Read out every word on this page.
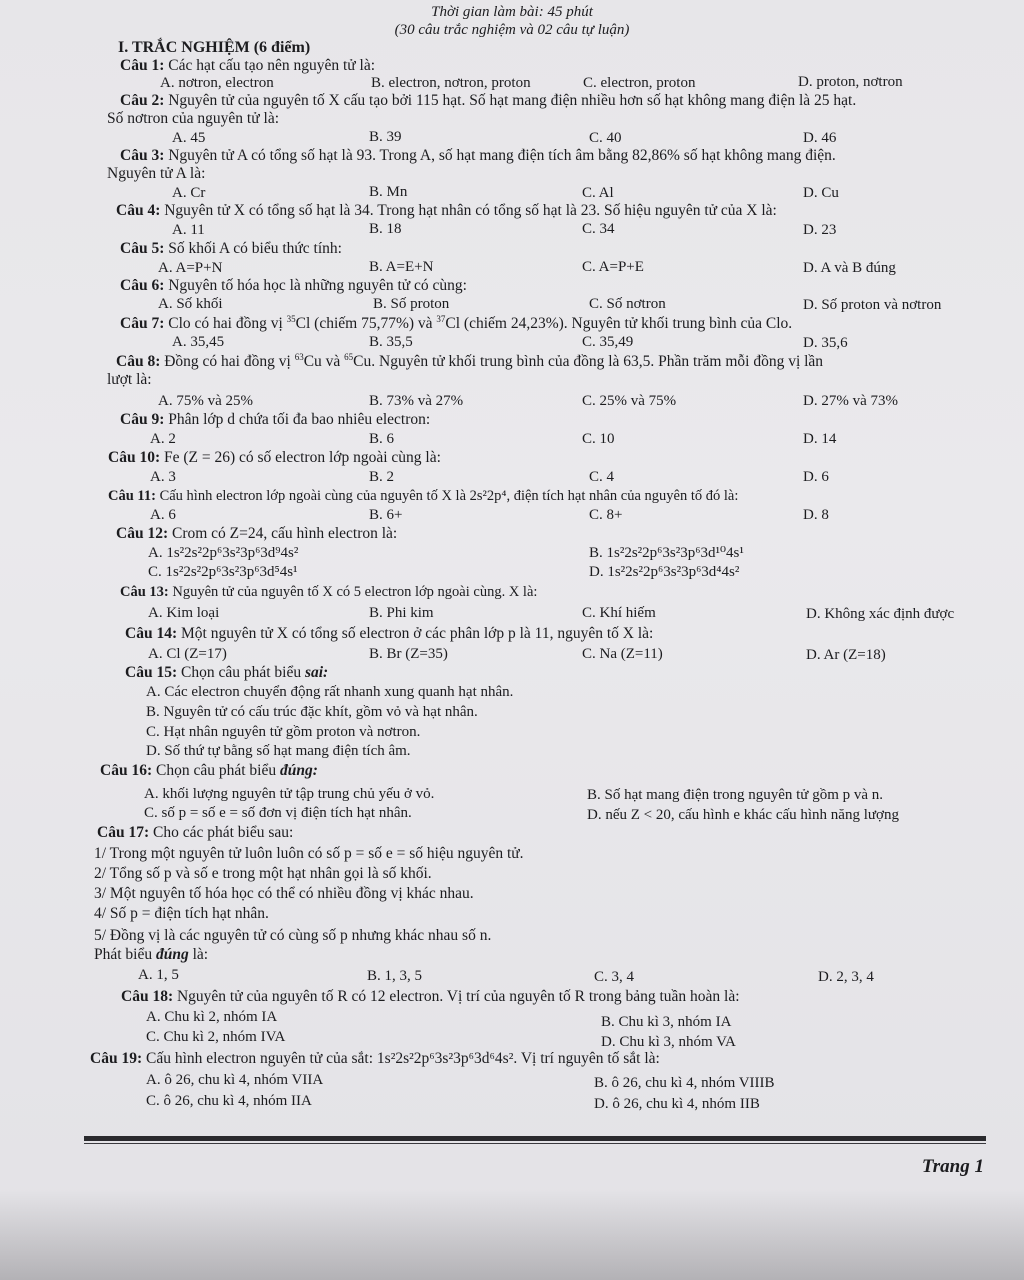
Thời gian làm bài: 45 phút
(30 câu trắc nghiệm và 02 câu tự luận)
I. TRẮC NGHIỆM (6 điểm)
Câu 1: Các hạt cấu tạo nên nguyên tử là:
A. nơtron, electron	B. electron, nơtron, proton	C. electron, proton	D. proton, nơtron
Câu 2: Nguyên tử của nguyên tố X cấu tạo bởi 115 hạt. Số hạt mang điện nhiều hơn số hạt không mang điện là 25 hạt.
Số nơtron của nguyên tử là:
A. 45	B. 39	C. 40	D. 46
Câu 3: Nguyên tử A có tổng số hạt là 93. Trong A, số hạt mang điện tích âm bằng 82,86% số hạt không mang điện.
Nguyên tử A là:
A. Cr	B. Mn	C. Al	D. Cu
Câu 4: Nguyên tử X có tổng số hạt là 34. Trong hạt nhân có tổng số hạt là 23. Số hiệu nguyên tử của X là:
A. 11	B. 18	C. 34	D. 23
Câu 5: Số khối A có biểu thức tính:
A. A=P+N	B. A=E+N	C. A=P+E	D. A và B đúng
Câu 6: Nguyên tố hóa học là những nguyên tử có cùng:
A. Số khối	B. Số proton	C. Số nơtron	D. Số proton và nơtron
Câu 7: Clo có hai đồng vị $^{35}$Cl (chiếm 75,77%) và $^{37}$Cl (chiếm 24,23%). Nguyên tử khối trung bình của Clo.
A. 35,45	B. 35,5	C. 35,49	D. 35,6
Câu 8: Đồng có hai đồng vị $^{63}$Cu và $^{65}$Cu. Nguyên tử khối trung bình của đồng là 63,5. Phần trăm mỗi đồng vị lần
lượt là:
A. 75% và 25%	B. 73% và 27%	C. 25% và 75%	D. 27% và 73%
Câu 9: Phân lớp d chứa tối đa bao nhiêu electron:
A. 2	B. 6	C. 10	D. 14
Câu 10: Fe (Z = 26) có số electron lớp ngoài cùng là:
A. 3	B. 2	C. 4	D. 6
Câu 11: Cấu hình electron lớp ngoài cùng của nguyên tố X là 2s²2p⁴, điện tích hạt nhân của nguyên tố đó là:
A. 6	B. 6+	C. 8+	D. 8
Câu 12: Crom có Z=24, cấu hình electron là:
A. 1s²2s²2p⁶3s²3p⁶3d⁹4s²	B. 1s²2s²2p⁶3s²3p⁶3d¹⁰4s¹
C. 1s²2s²2p⁶3s²3p⁶3d⁵4s¹	D. 1s²2s²2p⁶3s²3p⁶3d⁴4s²
Câu 13: Nguyên tử của nguyên tố X có 5 electron lớp ngoài cùng. X là:
A. Kim loại	B. Phi kim	C. Khí hiếm	D. Không xác định được
Câu 14: Một nguyên tử X có tổng số electron ở các phân lớp p là 11, nguyên tố X là:
A. Cl (Z=17)	B. Br (Z=35)	C. Na (Z=11)	D. Ar (Z=18)
Câu 15: Chọn câu phát biểu sai:
A. Các electron chuyển động rất nhanh xung quanh hạt nhân.
B. Nguyên tử có cấu trúc đặc khít, gồm vỏ và hạt nhân.
C. Hạt nhân nguyên tử gồm proton và nơtron.
D. Số thứ tự bằng số hạt mang điện tích âm.
Câu 16: Chọn câu phát biểu đúng:
A. khối lượng nguyên tử tập trung chủ yếu ở vỏ.	B. Số hạt mang điện trong nguyên tử gồm p và n.
C. số p = số e = số đơn vị điện tích hạt nhân.	D. nếu Z < 20, cấu hình e khác cấu hình năng lượng
Câu 17: Cho các phát biểu sau:
1/ Trong một nguyên tử luôn luôn có số p = số e = số hiệu nguyên tử.
2/ Tổng số p và số e trong một hạt nhân gọi là số khối.
3/ Một nguyên tố hóa học có thể có nhiều đồng vị khác nhau.
4/ Số p = điện tích hạt nhân.
5/ Đồng vị là các nguyên tử có cùng số p nhưng khác nhau số n.
Phát biểu đúng là:
A. 1, 5	B. 1, 3, 5	C. 3, 4	D. 2, 3, 4
Câu 18: Nguyên tử của nguyên tố R có 12 electron. Vị trí của nguyên tố R trong bảng tuần hoàn là:
A. Chu kì 2, nhóm IA	B. Chu kì 3, nhóm IA
C. Chu kì 2, nhóm IVA	D. Chu kì 3, nhóm VA
Câu 19: Cấu hình electron nguyên tử của sắt: 1s²2s²2p⁶3s²3p⁶3d⁶4s². Vị trí nguyên tố sắt là:
A. ô 26, chu kì 4, nhóm VIIA	B. ô 26, chu kì 4, nhóm VIIIB
C. ô 26, chu kì 4, nhóm IIA	D. ô 26, chu kì 4, nhóm IIB
Trang 1
